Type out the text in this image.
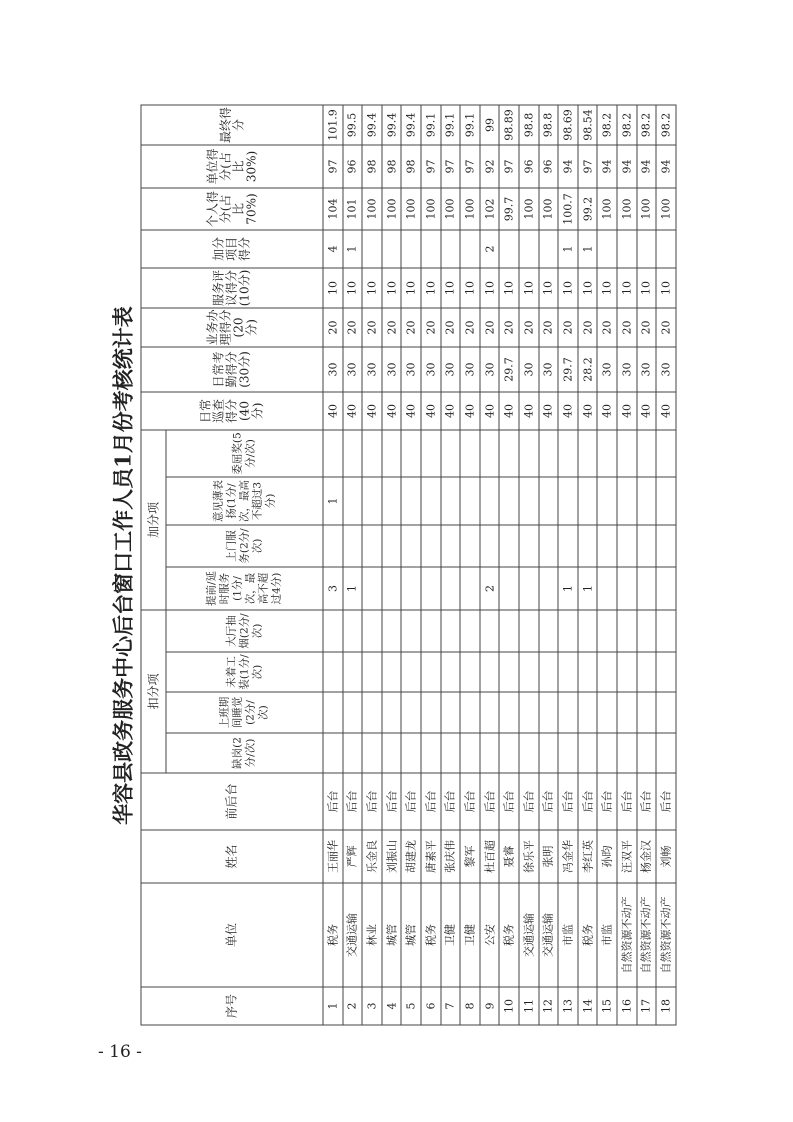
华容县政务服务中心后台窗口工作人员1月份考核统计表
序号	单位	姓名	前后台	扣分项				加分项				日常巡查得分(40分)	日常考勤得分(30分)	业务办理得分(20分)	服务评议得分(10分)	加分项目得分	个人得分(占比70%)	单位得分(占比30%)	最终得分
				缺岗(2分/次)	上班期间睡觉(2分/次)	未着工装(1分/次)	大厅抽烟(2分/次)	提前/延时服务(1分/次，最高不超过4分)	上门服务(2分/次)	意见薄表扬(1分/次，最高不超过3分)	委屈奖(5分/次)								
1	税务	王丽华	后台					3		1		40	30	20	10	4	104	97	101.9
2	交通运输	严辉	后台					1				40	30	20	10	1	101	96	99.5
3	林业	乐金良	后台									40	30	20	10		100	98	99.4
4	城管	刘振山	后台									40	30	20	10		100	98	99.4
5	城管	胡建龙	后台									40	30	20	10		100	98	99.4
6	税务	唐素平	后台									40	30	20	10		100	97	99.1
7	卫健	张庆伟	后台									40	30	20	10		100	97	99.1
8	卫健	黎军	后台									40	30	20	10		100	97	99.1
9	公安	杜百超	后台					2				40	30	20	10	2	102	92	99
10	税务	聂睿	后台									40	29.7	20	10		99.7	97	98.89
11	交通运输	徐乐平	后台									40	30	20	10		100	96	98.8
12	交通运输	张明	后台									40	30	20	10		100	96	98.8
13	市监	冯金华	后台					1				40	29.7	20	10	1	100.7	94	98.69
14	税务	李红英	后台					1				40	28.2	20	10	1	99.2	97	98.54
15	市监	孙昀	后台									40	30	20	10		100	94	98.2
16	自然资源不动产	汪双平	后台									40	30	20	10		100	94	98.2
17	自然资源不动产	杨金汉	后台									40	30	20	10		100	94	98.2
18	自然资源不动产	刘畅	后台									40	30	20	10		100	94	98.2
- 16 -
